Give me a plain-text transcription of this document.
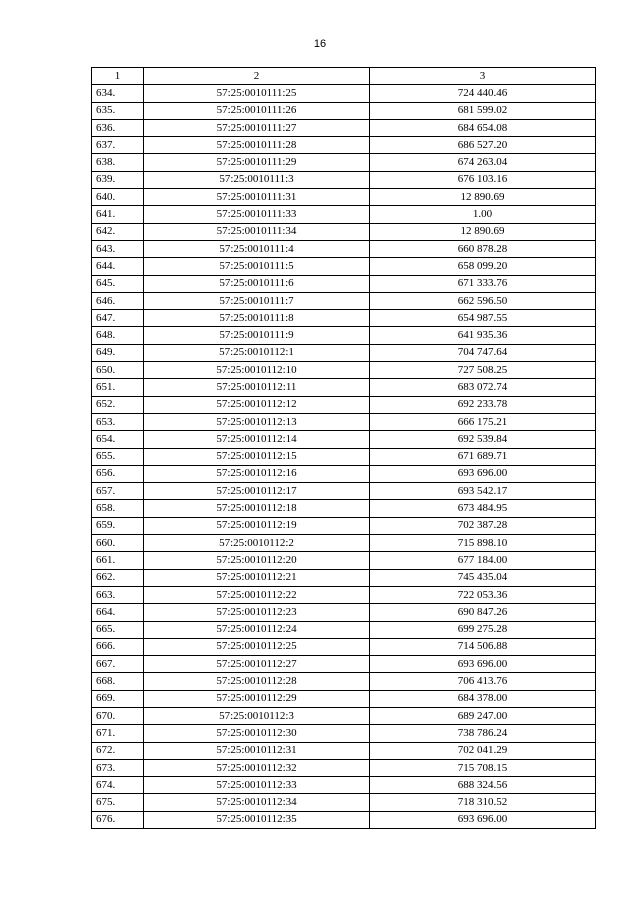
16
1	2	3
634.	57:25:0010111:25	724 440.46
635.	57:25:0010111:26	681 599.02
636.	57:25:0010111:27	684 654.08
637.	57:25:0010111:28	686 527.20
638.	57:25:0010111:29	674 263.04
639.	57:25:0010111:3	676 103.16
640.	57:25:0010111:31	12 890.69
641.	57:25:0010111:33	1.00
642.	57:25:0010111:34	12 890.69
643.	57:25:0010111:4	660 878.28
644.	57:25:0010111:5	658 099.20
645.	57:25:0010111:6	671 333.76
646.	57:25:0010111:7	662 596.50
647.	57:25:0010111:8	654 987.55
648.	57:25:0010111:9	641 935.36
649.	57:25:0010112:1	704 747.64
650.	57:25:0010112:10	727 508.25
651.	57:25:0010112:11	683 072.74
652.	57:25:0010112:12	692 233.78
653.	57:25:0010112:13	666 175.21
654.	57:25:0010112:14	692 539.84
655.	57:25:0010112:15	671 689.71
656.	57:25:0010112:16	693 696.00
657.	57:25:0010112:17	693 542.17
658.	57:25:0010112:18	673 484.95
659.	57:25:0010112:19	702 387.28
660.	57:25:0010112:2	715 898.10
661.	57:25:0010112:20	677 184.00
662.	57:25:0010112:21	745 435.04
663.	57:25:0010112:22	722 053.36
664.	57:25:0010112:23	690 847.26
665.	57:25:0010112:24	699 275.28
666.	57:25:0010112:25	714 506.88
667.	57:25:0010112:27	693 696.00
668.	57:25:0010112:28	706 413.76
669.	57:25:0010112:29	684 378.00
670.	57:25:0010112:3	689 247.00
671.	57:25:0010112:30	738 786.24
672.	57:25:0010112:31	702 041.29
673.	57:25:0010112:32	715 708.15
674.	57:25:0010112:33	688 324.56
675.	57:25:0010112:34	718 310.52
676.	57:25:0010112:35	693 696.00
